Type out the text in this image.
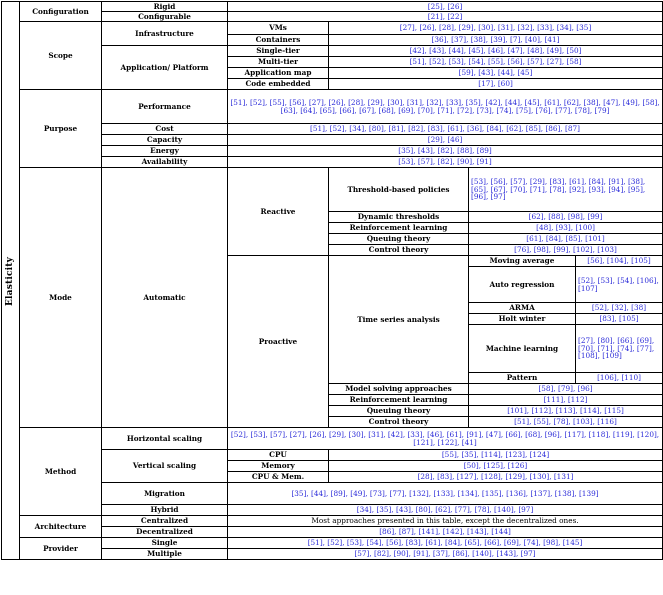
Elasticity	Configuration	Rigid	[25], [26]			
		Configurable	[21], [22]			
	Scope	Infrastructure	VMs	[27], [26], [28], [29], [30], [31], [32], [33], [34], [35]		
			Containers	[36], [37], [38], [39], [7], [40], [41]		
		Application/ Platform	Single-tier	[42], [43], [44], [45], [46], [47], [48], [49], [50]		
			Multi-tier	[51], [52], [53], [54], [55], [56], [57], [27], [58]		
			Application map	[59], [43], [44], [45]		
			Code embedded	[17], [60]		
	Purpose	Performance	[51], [52], [55], [56], [27], [26], [28], [29], [30], [31], [32], [33], [35], [42], [44], [45], [61], [62], [38], [47], [49], [58], [63], [64], [65], [66], [67], [68], [69], [70], [71], [72], [73], [74], [75], [76], [77], [78], [79]			
		Cost	[51], [52], [34], [80], [81], [82], [83], [61], [36], [84], [62], [85], [86], [87]			
		Capacity	[29], [46]			
		Energy	[35], [43], [82], [88], [89]			
		Availability	[53], [57], [82], [90], [91]			
	Mode	Automatic	Reactive	Threshold-based policies	[53], [56], [57], [29], [83], [61], [84], [91], [38], [65], [67], [70], [71], [78], [92], [93], [94], [95], [96], [97]	
				Dynamic thresholds	[62], [88], [98], [99]	
				Reinforcement learning	[48], [93], [100]	
				Queuing theory	[61], [84], [85], [101]	
				Control theory	[76], [98], [99], [102], [103]	
			Proactive	Time series analysis	Moving average	[56], [104], [105]
					Auto regression	[52], [53], [54], [106], [107]

					ARMA	[52], [32], [38]
					Holt winter	[83], [105]
					Machine learning	[27], [80], [66], [69], [70], [71], [74], [77], [108], [109]

					Pattern	[106], [110]
				Model solving approaches	[58], [79], [96]	
				Reinforcement learning	[111], [112]	
				Queuing theory	[101], [112], [113], [114], [115]	
				Control theory	[51], [55], [78], [103], [116]	
	Method	Horizontal scaling	[52], [53], [57], [27], [26], [29], [30], [31], [42], [33], [46], [61], [91], [47], [66], [68], [96], [117], [118], [119], [120], [121], [122], [41]			
		Vertical scaling	CPU	[55], [35], [114], [123], [124]		
			Memory	[50], [125], [126]		
			CPU & Mem.	[28], [83], [127], [128], [129], [130], [131]		
		Migration	[35], [44], [89], [49], [73], [77], [132], [133], [134], [135], [136], [137], [138], [139]			
		Hybrid	[34], [35], [43], [80], [62], [77], [78], [140], [97]			
	Architecture	Centralized	Most approaches presented in this table, except the decentralized ones.			
		Decentralized	[86], [87], [141], [142], [143], [144]			
	Provider	Single	[51], [52], [53], [54], [56], [83], [61], [84], [65], [66], [69], [74], [98], [145]			
		Multiple	[57], [82], [90], [91], [37], [86], [140], [143], [97]			
